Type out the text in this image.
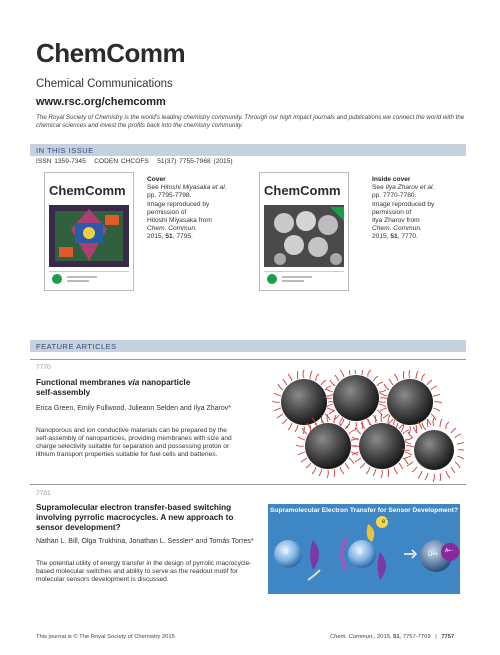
ChemComm
Chemical Communications
www.rsc.org/chemcomm
The Royal Society of Chemistry is the world's leading chemistry community. Through our high impact journals and publications we connect the world with the chemical sciences and invest the profits back into the chemistry community.
IN THIS ISSUE
ISSN 1359-7345 CODEN CHCOFS 51(37) 7755-7968 (2015)
ChemComm
Cover
See Hitoshi Miyasaka et al.
pp. 7795-7798.
Image reproduced by
permission of
Hitoshi Miyasaka from
Chem. Commun.
2015, 51, 7795.
ChemComm
Inside cover
See Ilya Zharov et al.
pp. 7770-7780.
Image reproduced by
permission of
Ilya Zharov from
Chem. Commun.
2015, 51, 7770.
FEATURE ARTICLES
7770
Functional membranes via nanoparticle
self-assembly
Erica Green, Emily Fullwood, Julieann Selden and Ilya Zharov*
Nanoporous and ion conductive materials can be prepared by the self-assembly of nanoparticles, providing membranes with size and charge selectivity suitable for separation and possessing proton or lithium transport properties suitable for fuel cells and batteries.
7781
Supramolecular electron transfer-based switching involving pyrrolic macrocycles. A new approach to sensor development?
Nathan L. Bill, Olga Trukhina, Jonathan L. Sessler* and Tomás Torres*
The potential utility of energy transfer in the design of pyrrolic macrocycle-based molecular switches and ability to serve as the readout motif for molecular sensors development is discussed.
Supramolecular Electron Transfer for Sensor Development?
D	D
e⁻
D•+
A•−
This journal is © The Royal Society of Chemistry 2015	Chem. Commun., 2015, 51, 7757-7769 | 7757
